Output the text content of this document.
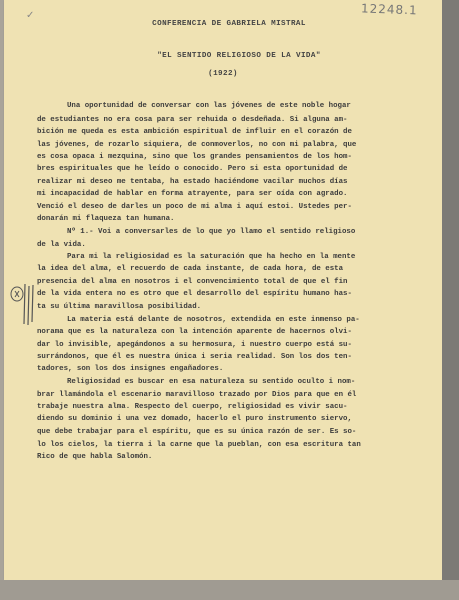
✓	12248.1
CONFERENCIA DE GABRIELA MISTRAL
"EL SENTIDO RELIGIOSO DE LA VIDA"
(1922)
Una oportunidad de conversar con las jóvenes de este noble hogar
de estudiantes no era cosa para ser rehuida o desdeñada. Si alguna am-
bición me queda es esta ambición espiritual de influir en el corazón de
las jóvenes, de rozarlo siquiera, de conmoverlos, no con mi palabra, que
es cosa opaca i mezquina, sino que los grandes pensamientos de los hom-
bres espirituales que he leído o conocido. Pero si esta oportunidad de
realizar mi deseo me tentaba, ha estado haciéndome vacilar muchos días
mi incapacidad de hablar en forma atrayente, para ser oída con agrado.
Venció el deseo de darles un poco de mi alma i aquí estoi. Ustedes per-
donarán mi flaqueza tan humana.
Nº 1.- Voi a conversarles de lo que yo llamo el sentido religioso
de la vida.
Para mi la religiosidad es la saturación que ha hecho en la mente
la idea del alma, el recuerdo de cada instante, de cada hora, de esta
presencia del alma en nosotros i el convencimiento total de que el fin
de la vida entera no es otro que el desarrollo del espíritu humano has-
ta su última maravillosa posibilidad.
La materia está delante de nosotros, extendida en este inmenso pa-
norama que es la naturaleza con la intención aparente de hacernos olvi-
dar lo invisible, apegándonos a su hermosura, i nuestro cuerpo está su-
surrándonos, que él es nuestra única i seria realidad. Son los dos ten-
tadores, son los dos insignes engañadores.
Religiosidad es buscar en esa naturaleza su sentido oculto i nom-
brar llamándola el escenario maravilloso trazado por Dios para que en él
trabaje nuestra alma. Respecto del cuerpo, religiosidad es vivir sacu-
diendo su dominio i una vez domado, hacerlo el puro instrumento siervo,
que debe trabajar para el espíritu, que es su única razón de ser. Es so-
lo los cielos, la tierra i la carne que la pueblan, con esa escritura tan
Rico de que habla Salomón.
